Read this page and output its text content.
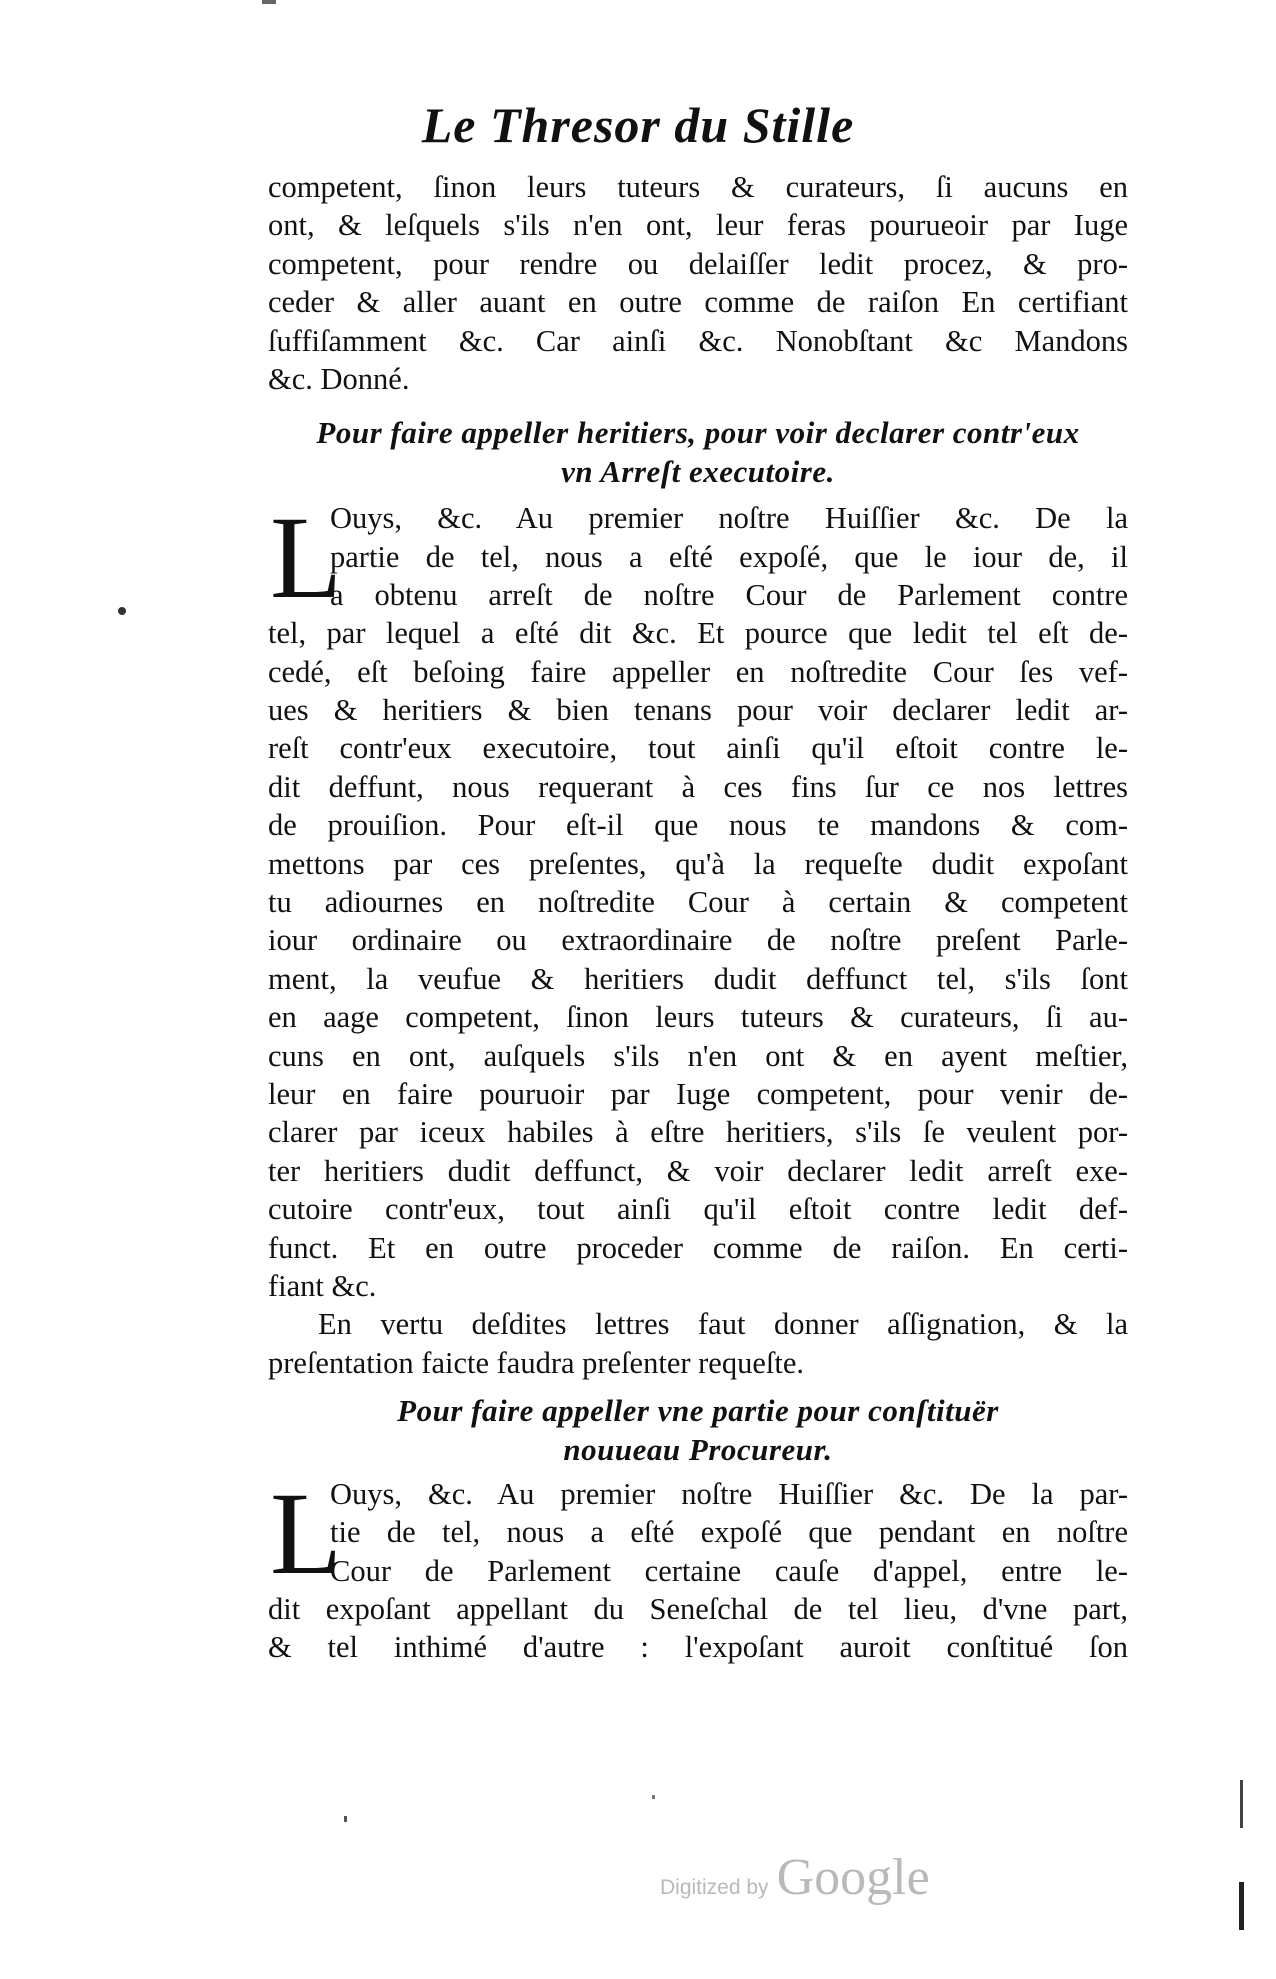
Le Thresor du Stille
competent, ſinon leurs tuteurs & curateurs, ſi aucuns en
ont, & leſquels s'ils n'en ont, leur feras pourueoir par Iuge
competent, pour rendre ou delaiſſer ledit procez, & pro-
ceder & aller auant en outre comme de raiſon En certifiant
ſuffiſamment &c. Car ainſi &c. Nonobſtant &c Mandons
&c. Donné.
Pour faire appeller heritiers, pour voir declarer contr'eux
vn Arreſt executoire.
L
Ouys, &c. Au premier noſtre Huiſſier &c. De la
partie de tel, nous a eſté expoſé, que le iour de, il
a obtenu arreſt de noſtre Cour de Parlement contre
tel, par lequel a eſté dit &c. Et pource que ledit tel eſt de-
cedé, eſt beſoing faire appeller en noſtredite Cour ſes vef-
ues & heritiers & bien tenans pour voir declarer ledit ar-
reſt contr'eux executoire, tout ainſi qu'il eſtoit contre le-
dit deffunt, nous requerant à ces fins ſur ce nos lettres
de prouiſion. Pour eſt-il que nous te mandons & com-
mettons par ces preſentes, qu'à la requeſte dudit expoſant
tu adiournes en noſtredite Cour à certain & competent
iour ordinaire ou extraordinaire de noſtre preſent Parle-
ment, la veufue & heritiers dudit deffunct tel, s'ils ſont
en aage competent, ſinon leurs tuteurs & curateurs, ſi au-
cuns en ont, auſquels s'ils n'en ont & en ayent meſtier,
leur en faire pouruoir par Iuge competent, pour venir de-
clarer par iceux habiles à eſtre heritiers, s'ils ſe veulent por-
ter heritiers dudit deffunct, & voir declarer ledit arreſt exe-
cutoire contr'eux, tout ainſi qu'il eſtoit contre ledit def-
funct. Et en outre proceder comme de raiſon. En certi-
fiant &c.
En vertu deſdites lettres faut donner aſſignation, & la
preſentation faicte faudra preſenter requeſte.
Pour faire appeller vne partie pour conſtituër
nouueau Procureur.
L
Ouys, &c. Au premier noſtre Huiſſier &c. De la par-
tie de tel, nous a eſté expoſé que pendant en noſtre
Cour de Parlement certaine cauſe d'appel, entre le-
dit expoſant appellant du Seneſchal de tel lieu, d'vne part,
& tel inthimé d'autre : l'expoſant auroit conſtitué ſon
Digitized by Google
